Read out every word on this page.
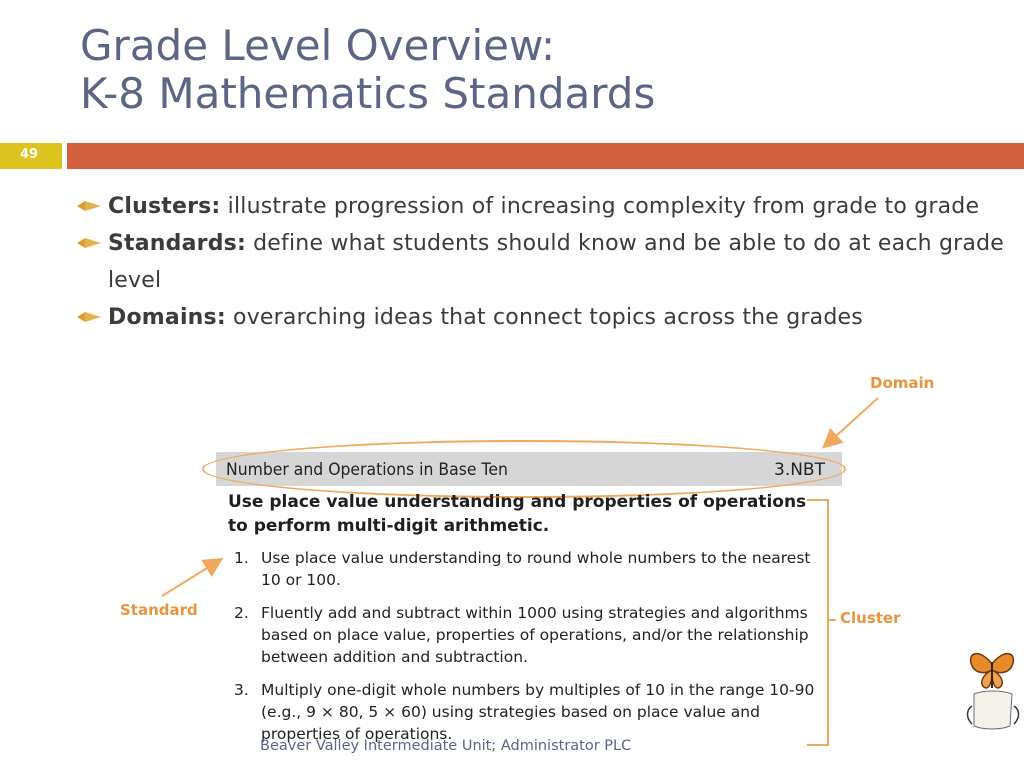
Grade Level Overview:
K-8 Mathematics Standards
49
Clusters: illustrate progression of increasing complexity from grade to grade
Standards: define what students should know and be able to do at each grade level
Domains: overarching ideas that connect topics across the grades
Number and Operations in Base Ten	3.NBT

Use place value understanding and properties of operations to perform multi-digit arithmetic.

1. Use place value understanding to round whole numbers to the nearest 10 or 100.
2. Fluently add and subtract within 1000 using strategies and algorithms based on place value, properties of operations, and/or the relationship between addition and subtraction.
3. Multiply one-digit whole numbers by multiples of 10 in the range 10-90 (e.g., 9 × 80, 5 × 60) using strategies based on place value and properties of operations.
Domain
Standard	Cluster
Beaver Valley Intermediate Unit; Administrator PLC
